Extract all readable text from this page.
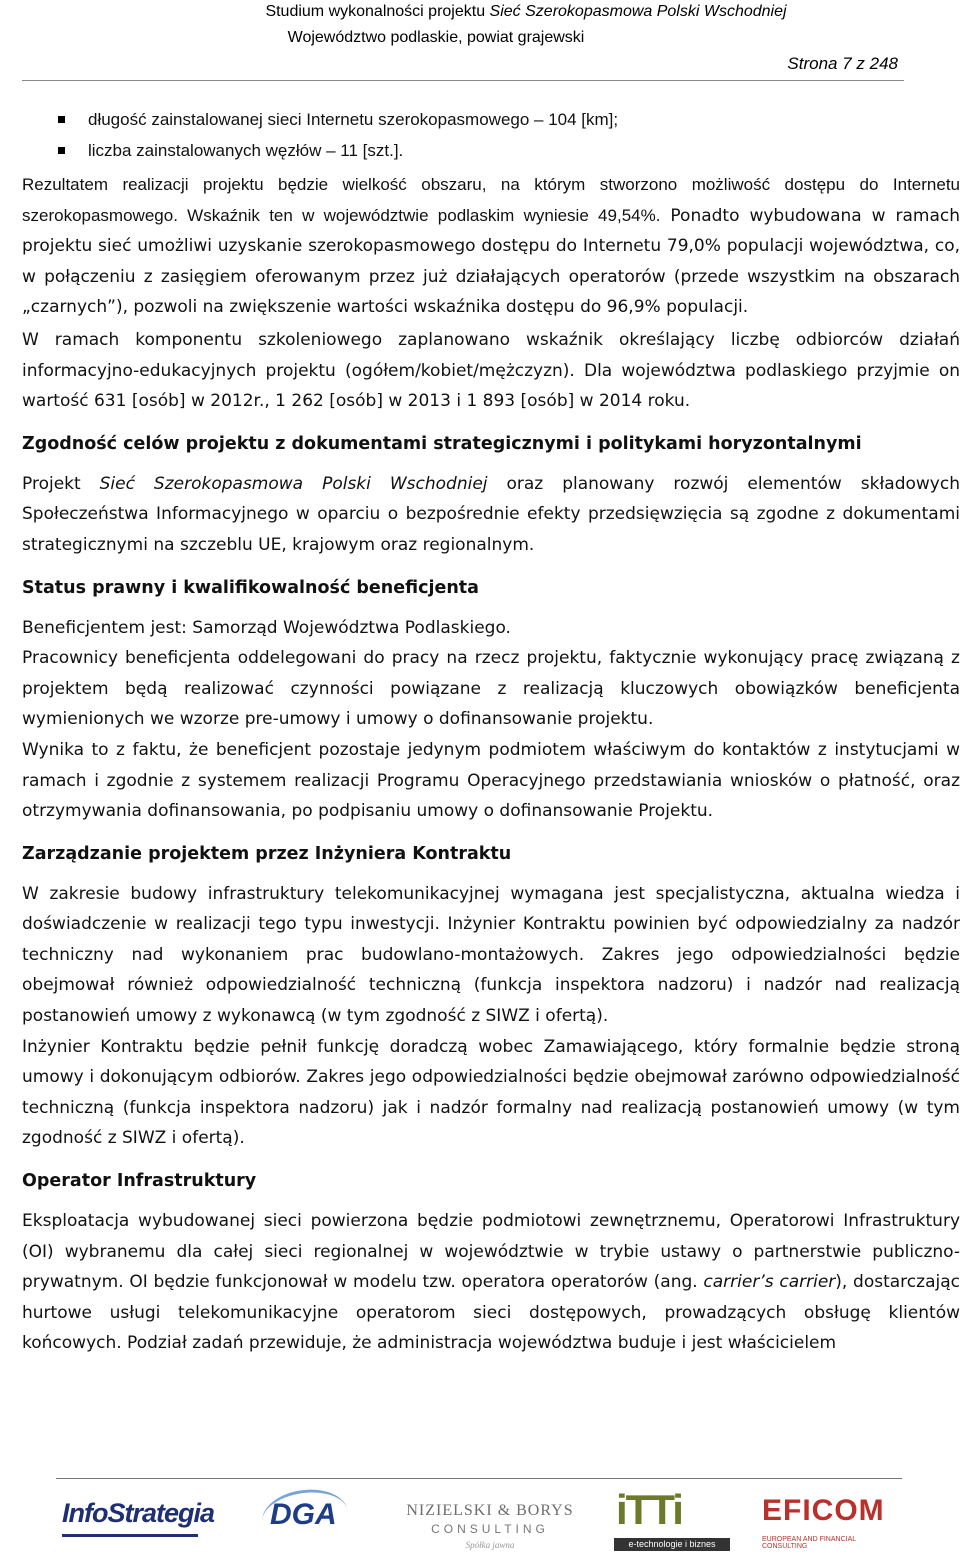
Studium wykonalności projektu Sieć Szerokopasmowa Polski Wschodniej
Województwo podlaskie, powiat grajewski
Strona 7 z 248
długość zainstalowanej sieci Internetu szerokopasmowego – 104 [km];
liczba zainstalowanych węzłów – 11 [szt.].

Rezultatem realizacji projektu będzie wielkość obszaru, na którym stworzono możliwość dostępu do Internetu szerokopasmowego. Wskaźnik ten w województwie podlaskim wyniesie 49,54%. Ponadto wybudowana w ramach projektu sieć umożliwi uzyskanie szerokopasmowego dostępu do Internetu 79,0% populacji województwa, co, w połączeniu z zasięgiem oferowanym przez już działających operatorów (przede wszystkim na obszarach „czarnych”), pozwoli na zwiększenie wartości wskaźnika dostępu do 96,9% populacji.

W ramach komponentu szkoleniowego zaplanowano wskaźnik określający liczbę odbiorców działań informacyjno-edukacyjnych projektu (ogółem/kobiet/mężczyzn). Dla województwa podlaskiego przyjmie on wartość 631 [osób] w 2012r., 1 262 [osób] w 2013 i 1 893 [osób] w 2014 roku.

Zgodność celów projektu z dokumentami strategicznymi i politykami horyzontalnymi

Projekt Sieć Szerokopasmowa Polski Wschodniej oraz planowany rozwój elementów składowych Społeczeństwa Informacyjnego w oparciu o bezpośrednie efekty przedsięwzięcia są zgodne z dokumentami strategicznymi na szczeblu UE, krajowym oraz regionalnym.

Status prawny i kwalifikowalność beneficjenta

Beneficjentem jest: Samorząd Województwa Podlaskiego.

Pracownicy beneficjenta oddelegowani do pracy na rzecz projektu, faktycznie wykonujący pracę związaną z projektem będą realizować czynności powiązane z realizacją kluczowych obowiązków beneficjenta wymienionych we wzorze pre-umowy i umowy o dofinansowanie projektu.

Wynika to z faktu, że beneficjent pozostaje jedynym podmiotem właściwym do kontaktów z instytucjami w ramach i zgodnie z systemem realizacji Programu Operacyjnego przedstawiania wniosków o płatność, oraz otrzymywania dofinansowania, po podpisaniu umowy o dofinansowanie Projektu.

Zarządzanie projektem przez Inżyniera Kontraktu

W zakresie budowy infrastruktury telekomunikacyjnej wymagana jest specjalistyczna, aktualna wiedza i doświadczenie w realizacji tego typu inwestycji. Inżynier Kontraktu powinien być odpowiedzialny za nadzór techniczny nad wykonaniem prac budowlano-montażowych. Zakres jego odpowiedzialności będzie obejmował również odpowiedzialność techniczną (funkcja inspektora nadzoru) i nadzór nad realizacją postanowień umowy z wykonawcą (w tym zgodność z SIWZ i ofertą).

Inżynier Kontraktu będzie pełnił funkcję doradczą wobec Zamawiającego, który formalnie będzie stroną umowy i dokonującym odbiorów. Zakres jego odpowiedzialności będzie obejmował zarówno odpowiedzialność techniczną (funkcja inspektora nadzoru) jak i nadzór formalny nad realizacją postanowień umowy (w tym zgodność z SIWZ i ofertą).

Operator Infrastruktury

Eksploatacja wybudowanej sieci powierzona będzie podmiotowi zewnętrznemu, Operatorowi Infrastruktury (OI) wybranemu dla całej sieci regionalnej w województwie w trybie ustawy o partnerstwie publiczno-prywatnym. OI będzie funkcjonował w modelu tzw. operatora operatorów (ang. carrier’s carrier), dostarczając hurtowe usługi telekomunikacyjne operatorom sieci dostępowych, prowadzących obsługę klientów końcowych. Podział zadań przewiduje, że administracja województwa buduje i jest właścicielem

InfoStrategia DGA	NIZIELSKI & BORYS
CONSULTING
Spółka jawna
iTTi
e-technologie i biznes
EFICOM
EUROPEAN AND FINANCIAL CONSULTING
